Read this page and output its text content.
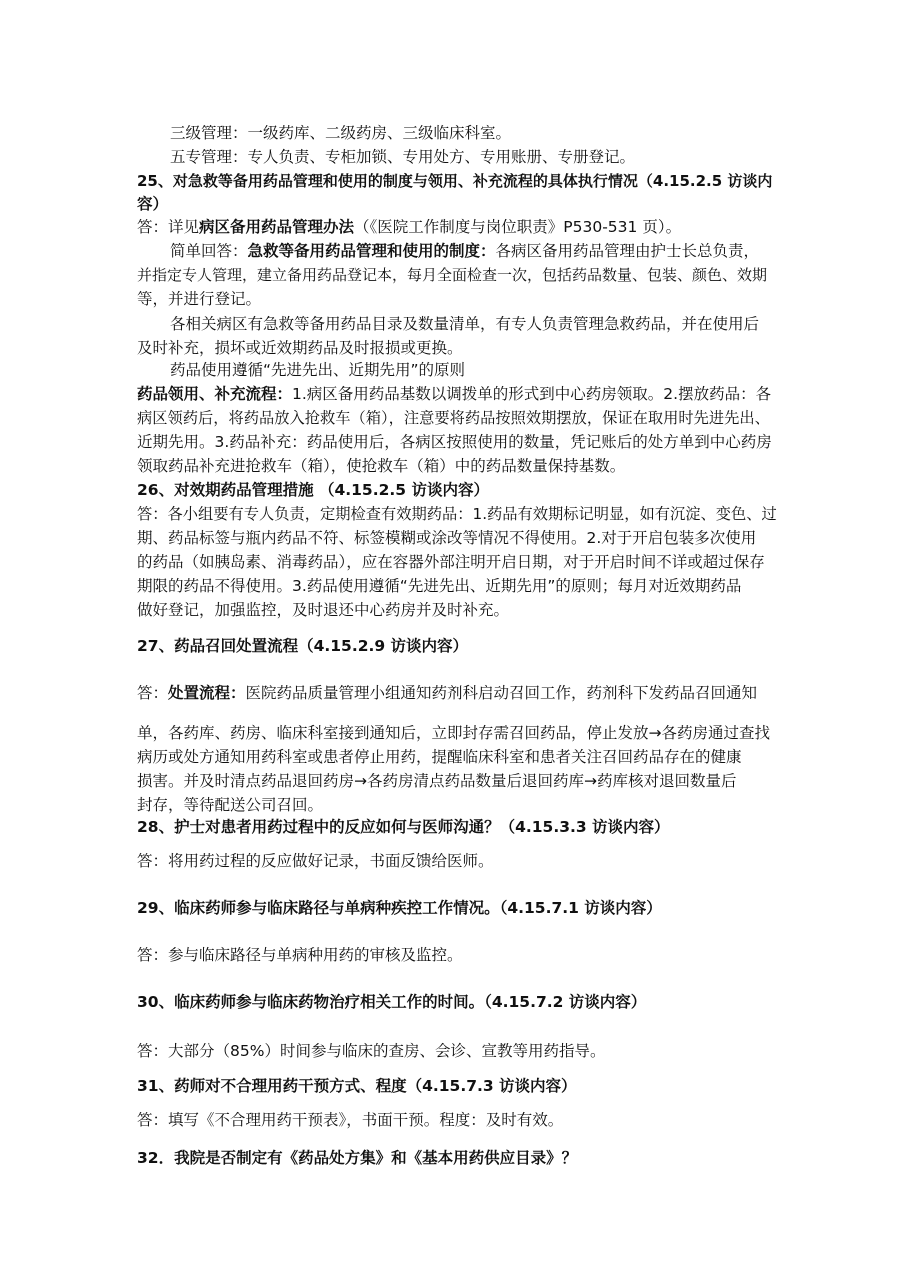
三级管理：一级药库、二级药房、三级临床科室。
五专管理：专人负责、专柜加锁、专用处方、专用账册、专册登记。
25、对急救等备用药品管理和使用的制度与领用、补充流程的具体执行情况（4.15.2.5 访谈内
容）
答：详见病区备用药品管理办法（《医院工作制度与岗位职责》P530-531 页）。
简单回答：急救等备用药品管理和使用的制度：各病区备用药品管理由护士长总负责，
并指定专人管理，建立备用药品登记本，每月全面检查一次，包括药品数量、包装、颜色、效期
等，并进行登记。
各相关病区有急救等备用药品目录及数量清单，有专人负责管理急救药品，并在使用后
及时补充，损坏或近效期药品及时报损或更换。
药品使用遵循“先进先出、近期先用”的原则
药品领用、补充流程：1.病区备用药品基数以调拨单的形式到中心药房领取。2.摆放药品：各
病区领药后，将药品放入抢救车（箱），注意要将药品按照效期摆放，保证在取用时先进先出、
近期先用。3.药品补充：药品使用后，各病区按照使用的数量，凭记账后的处方单到中心药房
领取药品补充进抢救车（箱），使抢救车（箱）中的药品数量保持基数。
26、对效期药品管理措施 （4.15.2.5 访谈内容）
答：各小组要有专人负责，定期检查有效期药品：1.药品有效期标记明显，如有沉淀、变色、过
期、药品标签与瓶内药品不符、标签模糊或涂改等情况不得使用。2.对于开启包装多次使用
的药品（如胰岛素、消毒药品），应在容器外部注明开启日期，对于开启时间不详或超过保存
期限的药品不得使用。3.药品使用遵循“先进先出、近期先用”的原则；每月对近效期药品
做好登记，加强监控，及时退还中心药房并及时补充。
27、药品召回处置流程（4.15.2.9 访谈内容）
答：处置流程：医院药品质量管理小组通知药剂科启动召回工作，药剂科下发药品召回通知
单，各药库、药房、临床科室接到通知后，立即封存需召回药品，停止发放→各药房通过查找
病历或处方通知用药科室或患者停止用药，提醒临床科室和患者关注召回药品存在的健康
损害。并及时清点药品退回药房→各药房清点药品数量后退回药库→药库核对退回数量后
封存，等待配送公司召回。
28、护士对患者用药过程中的反应如何与医师沟通？（4.15.3.3 访谈内容）
答：将用药过程的反应做好记录，书面反馈给医师。
29、临床药师参与临床路径与单病种疾控工作情况。（4.15.7.1 访谈内容）
答：参与临床路径与单病种用药的审核及监控。
30、临床药师参与临床药物治疗相关工作的时间。（4.15.7.2 访谈内容）
答：大部分（85%）时间参与临床的查房、会诊、宣教等用药指导。
31、药师对不合理用药干预方式、程度（4.15.7.3 访谈内容）
答：填写《不合理用药干预表》，书面干预。程度：及时有效。
32．我院是否制定有《药品处方集》和《基本用药供应目录》？
